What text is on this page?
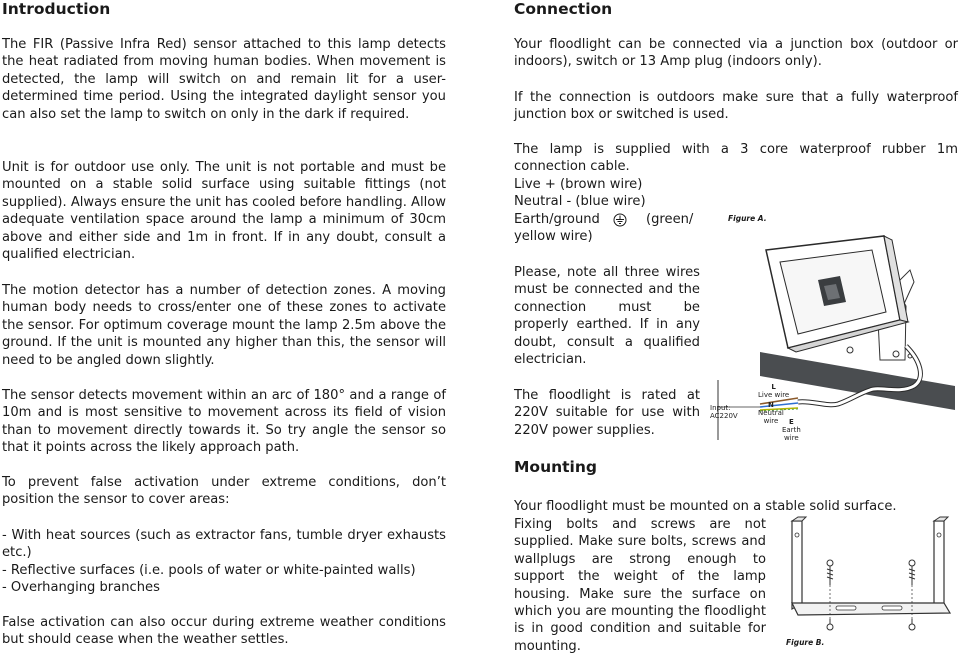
Introduction

The FIR (Passive Infra Red) sensor attached to this lamp detects the heat radiated from moving human bodies. When movement is detected, the lamp will switch on and remain lit for a user-determined time period. Using the integrated daylight sensor you can also set the lamp to switch on only in the dark if required.

Unit is for outdoor use only. The unit is not portable and must be mounted on a stable solid surface using suitable fittings (not supplied). Always ensure the unit has cooled before handling. Allow adequate ventilation space around the lamp a minimum of 30cm above and either side and 1m in front. If in any doubt, consult a qualified electrician.

The motion detector has a number of detection zones. A moving human body needs to cross/enter one of these zones to activate the sensor. For optimum coverage mount the lamp 2.5m above the ground. If the unit is mounted any higher than this, the sensor will need to be angled down slightly.

The sensor detects movement within an arc of 180° and a range of 10m and is most sensitive to movement across its field of vision than to movement directly towards it. So try angle the sensor so that it points across the likely approach path.

To prevent false activation under extreme conditions, don’t position the sensor to cover areas:

- With heat sources (such as extractor fans, tumble dryer exhausts etc.)

- Reflective surfaces (i.e. pools of water or white-painted walls)

- Overhanging branches

False activation can also occur during extreme weather conditions but should cease when the weather settles.

Connection

Your floodlight can be connected via a junction box (outdoor or indoors), switch or 13 Amp plug (indoors only).

If the connection is outdoors make sure that a fully waterproof junction box or switched is used.

The lamp is supplied with a 3 core waterproof rubber 1m connection cable.

Live + (brown wire)

Neutral - (blue wire)

Earth/ground	(green/

yellow wire)

Please, note all three wires must be connected and the connection must be properly earthed. If in any doubt, consult a qualified electrician.

The floodlight is rated at 220V suitable for use with 220V power supplies.

Mounting

Your floodlight must be mounted on a stable solid surface.

Fixing bolts and screws are not supplied. Make sure bolts, screws and wallplugs are strong enough to support the weight of the lamp housing. Make sure the surface on which you are mounting the floodlight is in good condition and suitable for mounting.

Figure A.
Input:
AC220V
L
Live wire
N
Neutral
wire	E
Earth
wire
Figure B.
